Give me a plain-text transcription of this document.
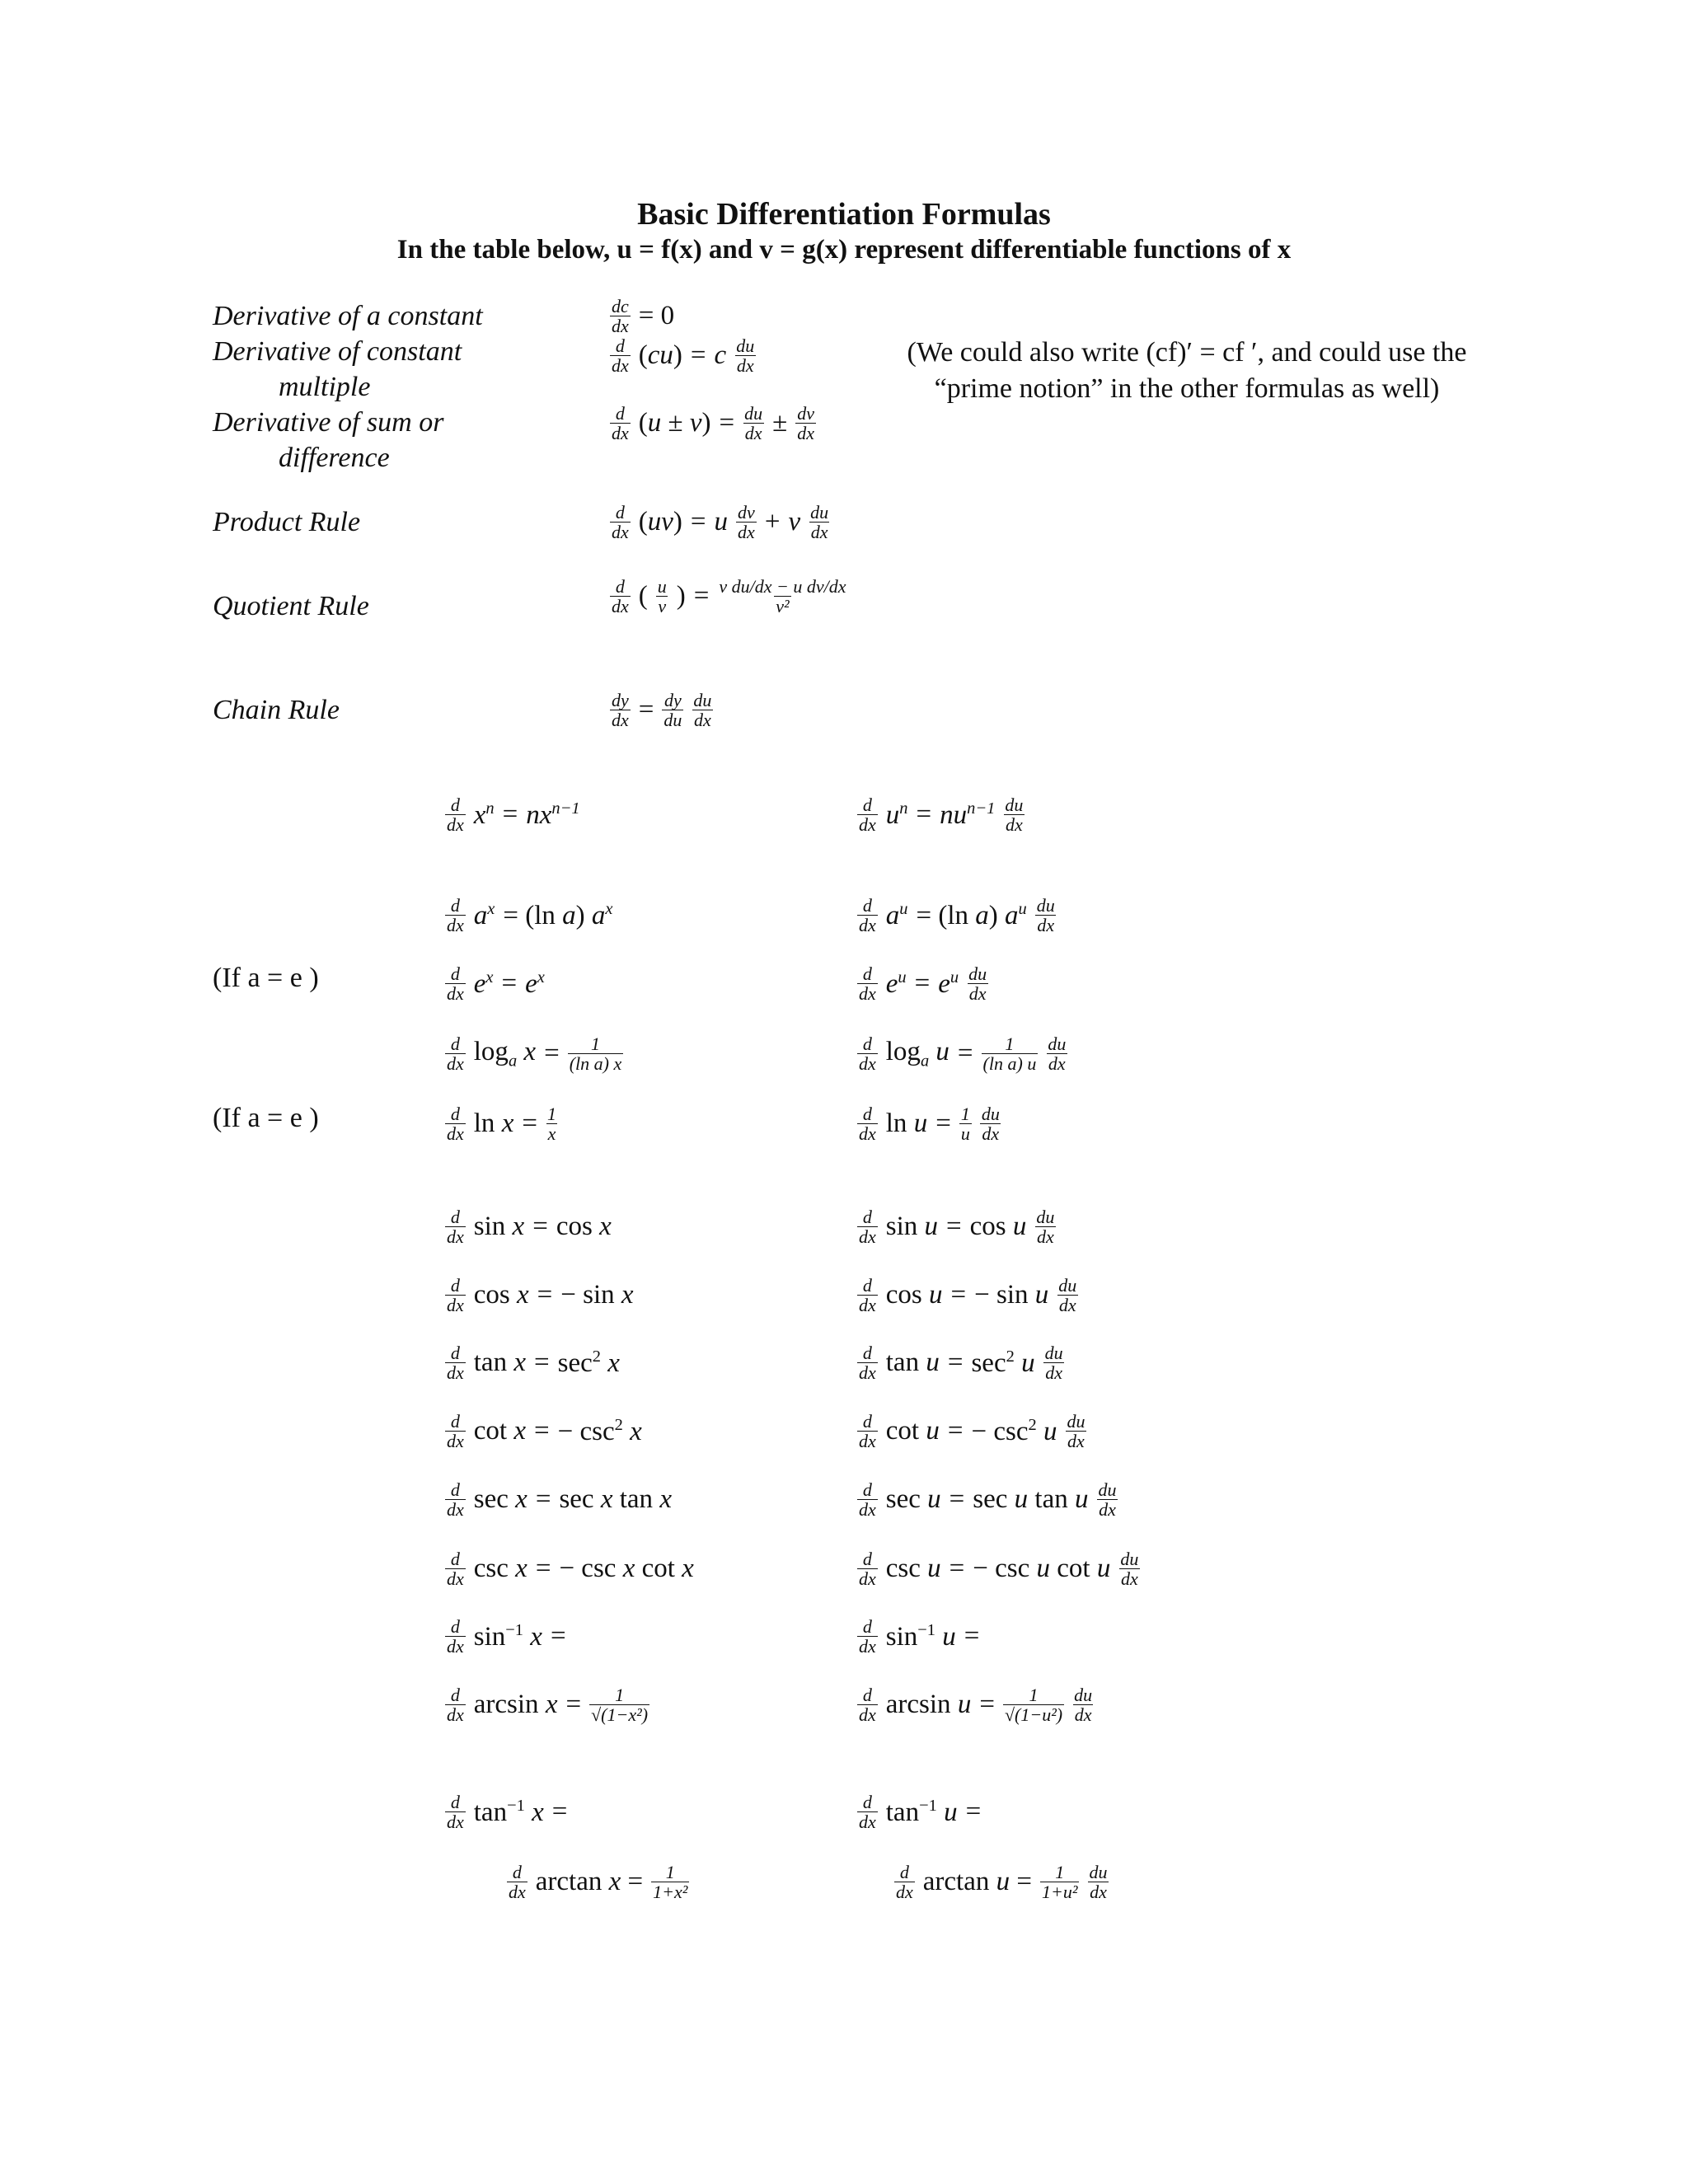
Basic Differentiation Formulas
In the table below, u = f(x) and v = g(x) represent differentiable functions of x
Derivative of a constant
Derivative of constant
multiple
Derivative of sum or
difference
Product Rule
Quotient Rule
Chain Rule
$\frac{dc}{dx} = 0$
$\frac{d}{dx} (cu) = c \frac{du}{dx}$
$\frac{d}{dx} (u \pm v) = \frac{du}{dx} \pm \frac{dv}{dx}$
$\frac{d}{dx} (uv) = u \frac{dv}{dx} + v \frac{du}{dx}$
$\frac{d}{dx}$ ( $\frac{u}{v}$ ) = $\frac{\text{v du/dx − u dv/dx}}{\text{v²}}$
$\frac{dy}{dx} = \frac{dy}{du} \frac{du}{dx}$
(We could also write (cf)′ = cf ′, and could use the “prime notion” in the other formulas as well)
(If a = e )
(If a = e )
$\frac{d}{dx} x^n = nx^{n-1}$
$\frac{d}{dx} a^x = (\ln$ a) $a^x$
$\frac{d}{dx} e^x = e^x$
$\frac{d}{dx} \log_a x = \frac{1}{\text{(ln a) x}}$
$\frac{d}{dx}$ $\ln x = \frac{1}{x}$
$\frac{d}{dx}$ sin x = cos x
$\frac{d}{dx}$ cos x = − sin x
$\frac{d}{dx}$ $\tan x = \sec^2 x$
$\frac{d}{dx}$ cot x = − $\csc^2 x$
$\frac{d}{dx}$ sec x = sec x tan x
$\frac{d}{dx}$ csc x = − csc x cot x
$\frac{d}{dx} \sin^{-1} x$ =
$\frac{d}{dx}$ $\arcsin x = \frac{1}{\text{√(1−x²)}}$
$\frac{d}{dx} \tan^{-1} x$ =
$\frac{d}{dx}$ $\arctan x = \frac{1}{\text{1+x²}}$
$\frac{d}{dx} u^n = nu^{n-1} \frac{du}{dx}$
$\frac{d}{dx} a^u = (\ln$ a) $a^u \frac{du}{dx}$
$\frac{d}{dx} e^u = e^u \frac{du}{dx}$
$\frac{d}{dx} \log_a u = \frac{1}{\text{(ln a) u}} \frac{du}{dx}$
$\frac{d}{dx}$ $\ln u = \frac{1}{u} \frac{du}{dx}$
$\frac{d}{dx}$ sin u = cos u $\frac{du}{dx}$
$\frac{d}{dx}$ cos u = − sin u $\frac{du}{dx}$
$\frac{d}{dx}$ $\tan u = \sec^2 u \frac{du}{dx}$
$\frac{d}{dx}$ cot u = − $\csc^2 u \frac{du}{dx}$
$\frac{d}{dx}$ sec u = sec u tan u $\frac{du}{dx}$
$\frac{d}{dx}$ csc u = − csc u cot u $\frac{du}{dx}$
$\frac{d}{dx} \sin^{-1} u$ =
$\frac{d}{dx}$ $\arcsin u = \frac{1}{\text{√(1−u²)}} \frac{du}{dx}$
$\frac{d}{dx} \tan^{-1} u$ =
$\frac{d}{dx}$ $\arctan u = \frac{1}{\text{1+u²}} \frac{du}{dx}$
